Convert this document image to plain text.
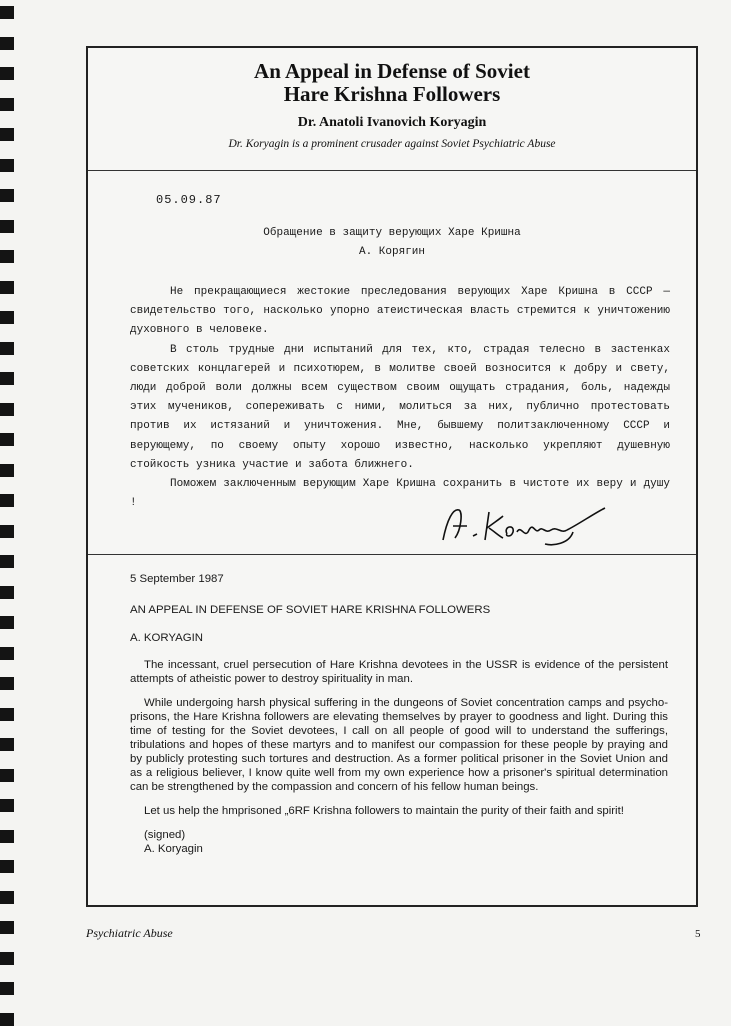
An Appeal in Defense of Soviet
Hare Krishna Followers
Dr. Anatoli Ivanovich Koryagin
Dr. Koryagin is a prominent crusader against Soviet Psychiatric Abuse
05.09.87
Обращение в защиту верующих Харе Кришна
А. Корягин

Не прекращающиеся жестокие преследования верующих Харе Кришна в СССР — свидетельство того, насколько упорно атеистическая власть стремится к уничтожению духовного в человеке.

В столь трудные дни испытаний для тех, кто, страдая телесно в застенках советских концлагерей и психотюрем, в молитве своей возносится к добру и свету, люди доброй воли должны всем существом своим ощущать страдания, боль, надежды этих мучеников, сопереживать с ними, молиться за них, публично протестовать против их истязаний и уничтожения. Мне, бывшему политзаключенному СССР и верующему, по своему опыту хорошо известно, насколько укрепляют душевную стойкость узника участие и забота ближнего.

Поможем заключенным верующим Харе Кришна сохранить в чистоте их веру и душу !

5 September 1987
AN APPEAL IN DEFENSE OF SOVIET HARE KRISHNA FOLLOWERS
A. KORYAGIN

The incessant, cruel persecution of Hare Krishna devotees in the USSR is evidence of the persistent attempts of atheistic power to destroy spirituality in man.

While undergoing harsh physical suffering in the dungeons of Soviet concentration camps and psycho-prisons, the Hare Krishna followers are elevating themselves by prayer to goodness and light. During this time of testing for the Soviet devotees, I call on all people of good will to understand the sufferings, tribulations and hopes of these martyrs and to manifest our compassion for these people by praying and by publicly protesting such tortures and destruction. As a former political prisoner in the Soviet Union and as a religious believer, I know quite well from my own experience how a prisoner's spiritual determination can be strengthened by the compassion and concern of his fellow human beings.

Let us help the hmprisoned „6RF Krishna followers to maintain the purity of their faith and spirit!

(signed)
A. Koryagin
Psychiatric Abuse	5
